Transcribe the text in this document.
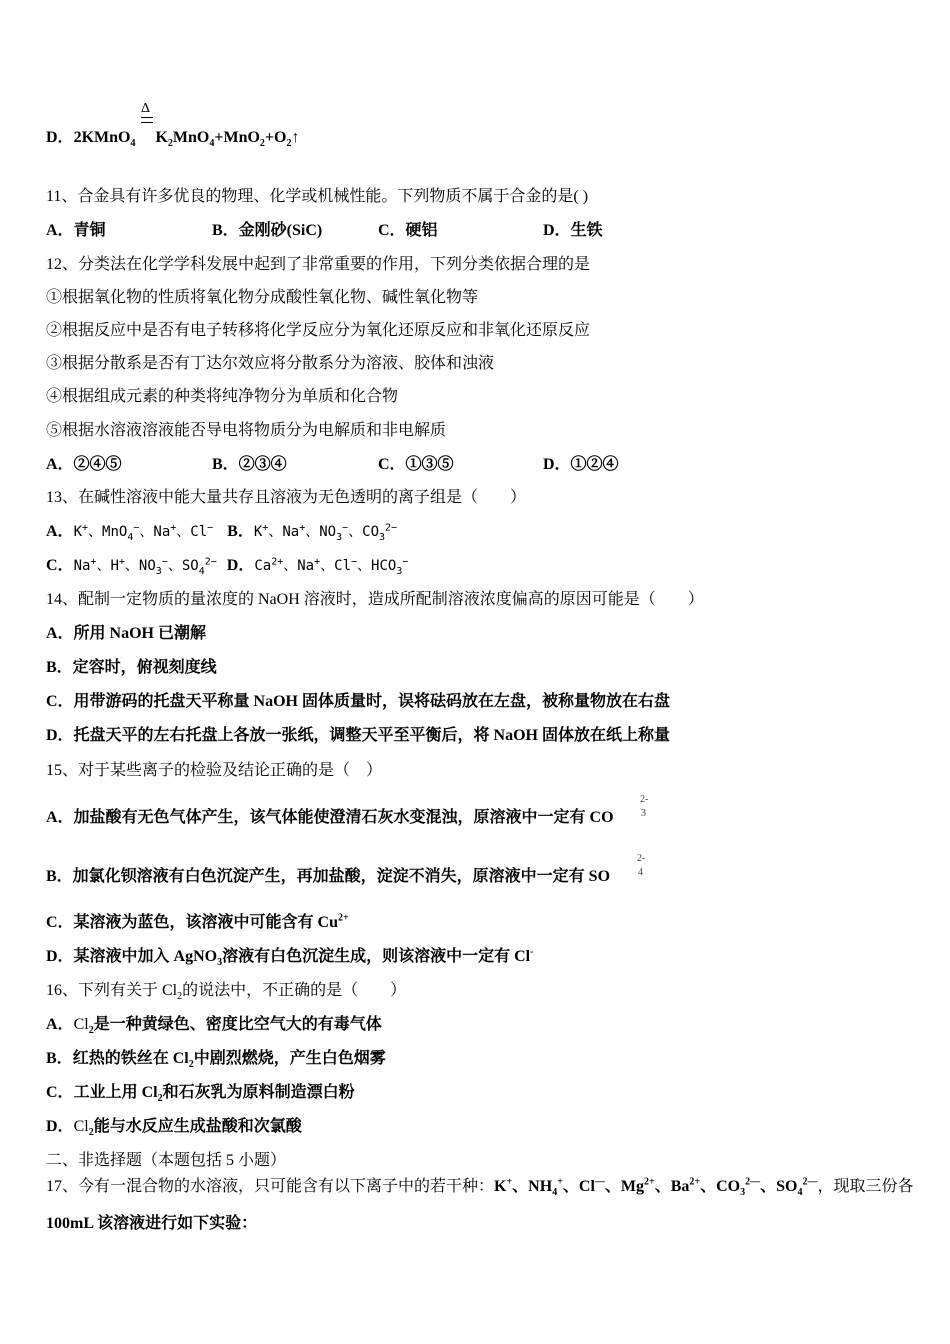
D．2KMnO$_4$ $K_2MnO_4+MnO_2+O_2↑$
Δ
11、合金具有许多优良的物理、化学或机械性能。下列物质不属于合金的是( )
A．青铜	B．金刚砂(SiC)	C．硬铝	D．生铁
12、分类法在化学学科发展中起到了非常重要的作用，下列分类依据合理的是
①根据氧化物的性质将氧化物分成酸性氧化物、碱性氧化物等
②根据反应中是否有电子转移将化学反应分为氧化还原反应和非氧化还原反应
③根据分散系是否有丁达尔效应将分散系分为溶液、胶体和浊液
④根据组成元素的种类将纯净物分为单质和化合物
⑤根据水溶液溶液能否导电将物质分为电解质和非电解质
A．②④⑤	B．②③④	C．①③⑤	D．①②④
13、在碱性溶液中能大量共存且溶液为无色透明的离子组是（　　）
A．K+、MnO$_4$−、Na+、Cl− B．K+、Na+、$NO_3^-$、$CO_3^{2-}$
C．Na+、H+、$NO_3^-$、$SO_4^{2-}$ D．$Ca^{2+}$、Na+、Cl−、$HCO_3^-$
14、配制一定物质的量浓度的 NaOH 溶液时，造成所配制溶液浓度偏高的原因可能是（　　）
A．所用 NaOH 已潮解
B．定容时，俯视刻度线
C．用带游码的托盘天平称量 NaOH 固体质量时，误将砝码放在左盘，被称量物放在右盘
D．托盘天平的左右托盘上各放一张纸，调整天平至平衡后，将 NaOH 固体放在纸上称量
15、对于某些离子的检验及结论正确的是（　）
A．加盐酸有无色气体产生，该气体能使澄清石灰水变混浊，原溶液中一定有 CO
2-
3
B．加氯化钡溶液有白色沉淀产生，再加盐酸，淀淀不消失，原溶液中一定有 SO
2-
4
C．某溶液为蓝色，该溶液中可能含有 $Cu^{2+}$
D．某溶液中加入 AgNO$_3$溶液有白色沉淀生成，则该溶液中一定有 Cl-
16、下列有关于 $Cl_2$的说法中，不正确的是（　　）
A．$Cl_2$是一种黄绿色、密度比空气大的有毒气体
B．红热的铁丝在 $Cl_2$中剧烈燃烧，产生白色烟雾
C．工业上用 $Cl_2$和石灰乳为原料制造漂白粉
D．$Cl_2$能与水反应生成盐酸和次氯酸
二、非选择题（本题包括 5 小题）
17、今有一混合物的水溶液，只可能含有以下离子中的若干种：K+、$NH_4^+$、Cl—、$Mg^{2+}$、$Ba^{2+}$、$CO_3^{2—}$、$SO_4^{2—}$，现取三份各
100mL 该溶液进行如下实验：
